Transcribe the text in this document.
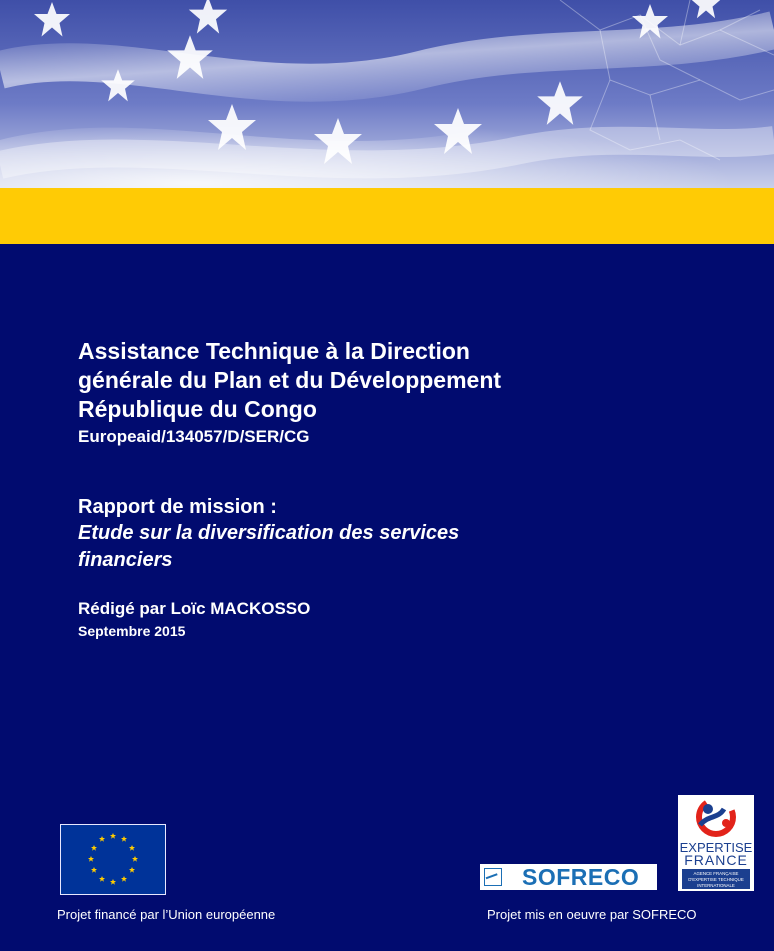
Assistance Technique à la Direction
générale du Plan et du Développement
République du Congo
Europeaid/134057/D/SER/CG
Rapport de mission :
Etude sur la diversification des services
financiers
Rédigé par Loïc MACKOSSO
Septembre 2015
Projet financé par l’Union européenne
EXPERTISE
FRANCE
AGENCE FRANÇAISE
D'EXPERTISE TECHNIQUE
INTERNATIONALE
SOFRECO
Projet mis en oeuvre par SOFRECO
